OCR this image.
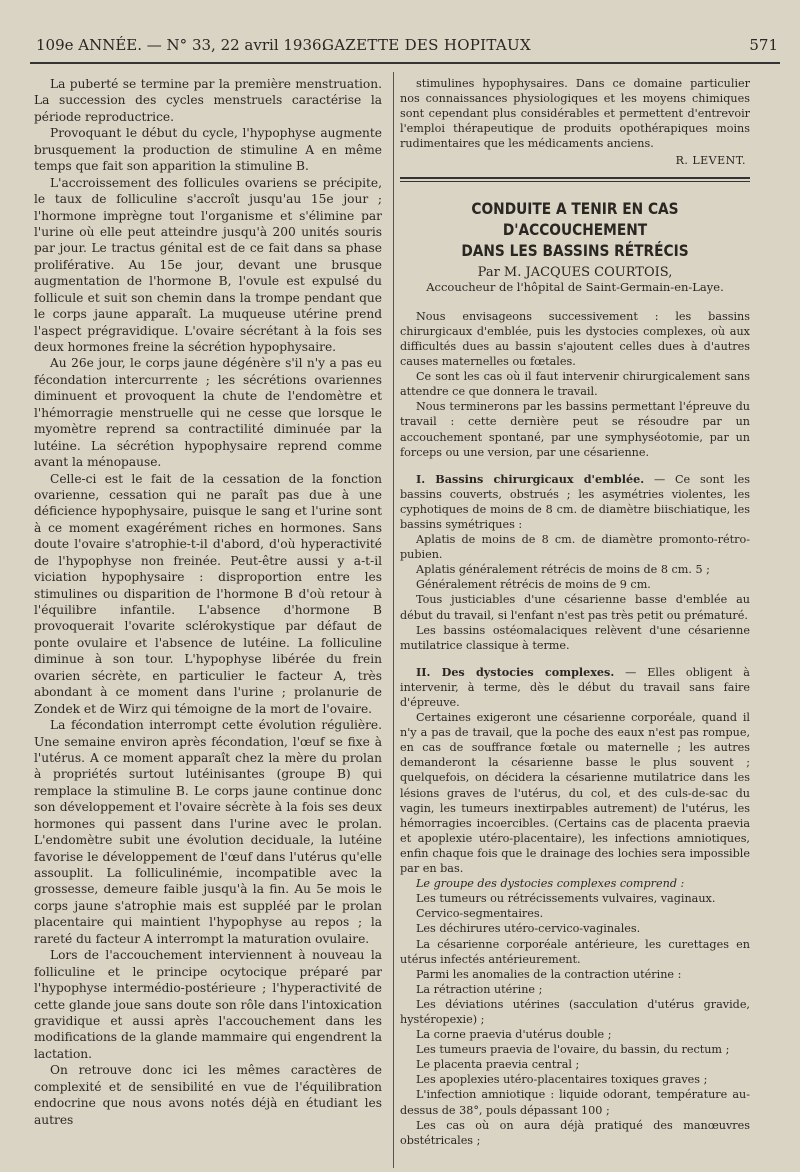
109e ANNÉE. — N° 33, 22 avril 1936.
GAZETTE DES HOPITAUX	571

La puberté se termine par la première menstruation. La succession des cycles menstruels caractérise la période reproductrice.

Provoquant le début du cycle, l'hypophyse augmente brusquement la production de stimuline A en même temps que fait son apparition la stimuline B.

L'accroissement des follicules ovariens se précipite, le taux de folliculine s'accroît jusqu'au 15e jour ; l'hormone imprègne tout l'organisme et s'élimine par l'urine où elle peut atteindre jusqu'à 200 unités souris par jour. Le tractus génital est de ce fait dans sa phase proliférative. Au 15e jour, devant une brusque augmentation de l'hormone B, l'ovule est expulsé du follicule et suit son chemin dans la trompe pendant que le corps jaune apparaît. La muqueuse utérine prend l'aspect prégravidique. L'ovaire sécrétant à la fois ses deux hormones freine la sécrétion hypophysaire.

Au 26e jour, le corps jaune dégénère s'il n'y a pas eu fécondation intercurrente ; les sécrétions ovariennes diminuent et provoquent la chute de l'endomètre et l'hémorragie menstruelle qui ne cesse que lorsque le myomètre reprend sa contractilité diminuée par la lutéine. La sécrétion hypophysaire reprend comme avant la ménopause.

Celle-ci est le fait de la cessation de la fonction ovarienne, cessation qui ne paraît pas due à une déficience hypophysaire, puisque le sang et l'urine sont à ce moment exagérément riches en hormones. Sans doute l'ovaire s'atrophie-t-il d'abord, d'où hyperactivité de l'hypophyse non freinée. Peut-être aussi y a-t-il viciation hypophysaire : disproportion entre les stimulines ou disparition de l'hormone B d'où retour à l'équilibre infantile. L'absence d'hormone B provoquerait l'ovarite sclérokystique par défaut de ponte ovulaire et l'absence de lutéine. La folliculine diminue à son tour. L'hypophyse libérée du frein ovarien sécrète, en particulier le facteur A, très abondant à ce moment dans l'urine ; prolanurie de Zondek et de Wirz qui témoigne de la mort de l'ovaire.

La fécondation interrompt cette évolution régulière. Une semaine environ après fécondation, l'œuf se fixe à l'utérus. A ce moment apparaît chez la mère du prolan à propriétés surtout lutéinisantes (groupe B) qui remplace la stimuline B. Le corps jaune continue donc son développement et l'ovaire sécrète à la fois ses deux hormones qui passent dans l'urine avec le prolan. L'endomètre subit une évolution deciduale, la lutéine favorise le développement de l'œuf dans l'utérus qu'elle assouplit. La folliculinémie, incompatible avec la grossesse, demeure faible jusqu'à la fin. Au 5e mois le corps jaune s'atrophie mais est suppléé par le prolan placentaire qui maintient l'hypophyse au repos ; la rareté du facteur A interrompt la maturation ovulaire.

Lors de l'accouchement interviennent à nouveau la folliculine et le principe ocytocique préparé par l'hypophyse intermédio-postérieure ; l'hyperactivité de cette glande joue sans doute son rôle dans l'intoxication gravidique et aussi après l'accouchement dans les modifications de la glande mammaire qui engendrent la lactation.

On retrouve donc ici les mêmes caractères de complexité et de sensibilité en vue de l'équilibration endocrine que nous avons notés déjà en étudiant les autres

stimulines hypophysaires. Dans ce domaine particulier nos connaissances physiologiques et les moyens chimiques sont cependant plus considérables et permettent d'entrevoir l'emploi thérapeutique de produits opothérapiques moins rudimentaires que les médicaments anciens.

R. LEVENT.
CONDUITE A TENIR EN CAS D'ACCOUCHEMENT
DANS LES BASSINS RÉTRÉCIS
Par M. JACQUES COURTOIS,
Accoucheur de l'hôpital de Saint-Germain-en-Laye.

Nous envisageons successivement : les bassins chirurgicaux d'emblée, puis les dystocies complexes, où aux difficultés dues au bassin s'ajoutent celles dues à d'autres causes maternelles ou fœtales.

Ce sont les cas où il faut intervenir chirurgicalement sans attendre ce que donnera le travail.

Nous terminerons par les bassins permettant l'épreuve du travail : cette dernière peut se résoudre par un accouchement spontané, par une symphyséotomie, par un forceps ou une version, par une césarienne.

I. Bassins chirurgicaux d'emblée. — Ce sont les bassins couverts, obstrués ; les asymétries violentes, les cyphotiques de moins de 8 cm. de diamètre biischiatique, les bassins symétriques :

Aplatis de moins de 8 cm. de diamètre promonto-rétro-pubien.

Aplatis généralement rétrécis de moins de 8 cm. 5 ;

Généralement rétrécis de moins de 9 cm.

Tous justiciables d'une césarienne basse d'emblée au début du travail, si l'enfant n'est pas très petit ou prématuré.

Les bassins ostéomalaciques relèvent d'une césarienne mutilatrice classique à terme.

II. Des dystocies complexes. — Elles obligent à intervenir, à terme, dès le début du travail sans faire d'épreuve.

Certaines exigeront une césarienne corporéale, quand il n'y a pas de travail, que la poche des eaux n'est pas rompue, en cas de souffrance fœtale ou maternelle ; les autres demanderont la césarienne basse le plus souvent ; quelquefois, on décidera la césarienne mutilatrice dans les lésions graves de l'utérus, du col, et des culs-de-sac du vagin, les tumeurs inextirpables autrement) de l'utérus, les hémorragies incoercibles. (Certains cas de placenta praevia et apoplexie utéro-placentaire), les infections amniotiques, enfin chaque fois que le drainage des lochies sera impossible par en bas.

Le groupe des dystocies complexes comprend :

Les tumeurs ou rétrécissements vulvaires, vaginaux.

Cervico-segmentaires.

Les déchirures utéro-cervico-vaginales.

La césarienne corporéale antérieure, les curettages en utérus infectés antérieurement.

Parmi les anomalies de la contraction utérine :

La rétraction utérine ;

Les déviations utérines (sacculation d'utérus gravide, hystéropexie) ;

La corne praevia d'utérus double ;

Les tumeurs praevia de l'ovaire, du bassin, du rectum ;

Le placenta praevia central ;

Les apoplexies utéro-placentaires toxiques graves ;

L'infection amniotique : liquide odorant, température au-dessus de 38°, pouls dépassant 100 ;

Les cas où on aura déjà pratiqué des manœuvres obstétricales ;
